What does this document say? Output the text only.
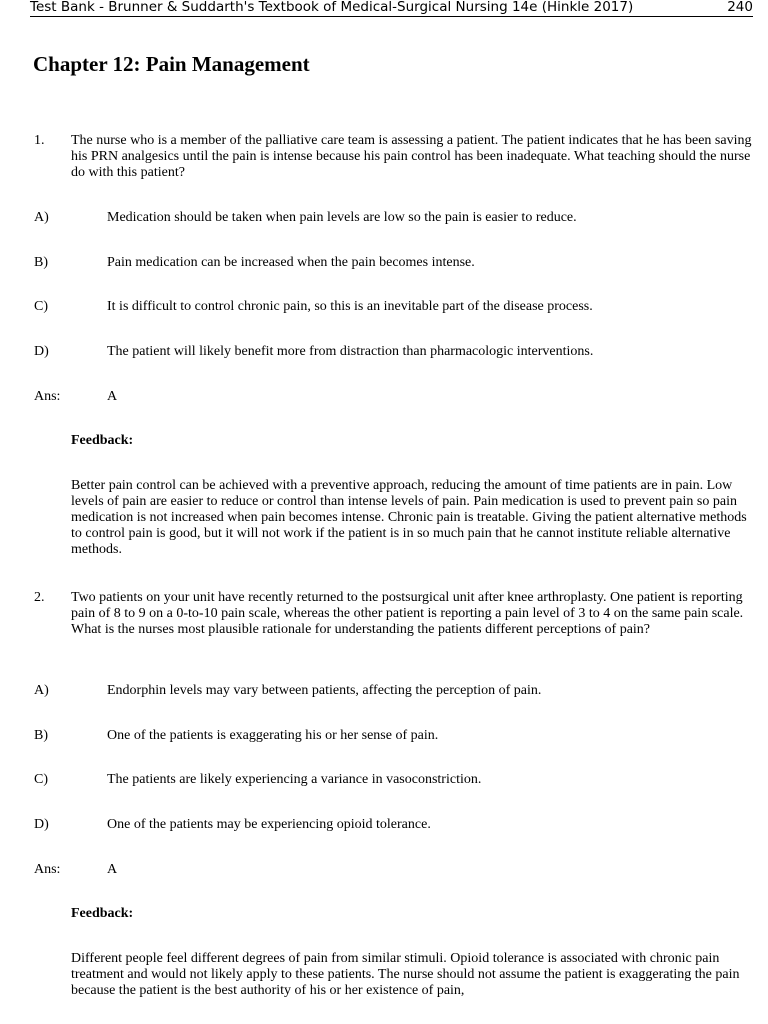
Test Bank - Brunner & Suddarth's Textbook of Medical-Surgical Nursing 14e (Hinkle 2017)	240
Chapter 12: Pain Management
1. The nurse who is a member of the palliative care team is assessing a patient. The patient indicates that he has been saving his PRN analgesics until the pain is intense because his pain control has been inadequate. What teaching should the nurse do with this patient?
A)	Medication should be taken when pain levels are low so the pain is easier to reduce.
B)	Pain medication can be increased when the pain becomes intense.
C)	It is difficult to control chronic pain, so this is an inevitable part of the disease process.
D)	The patient will likely benefit more from distraction than pharmacologic interventions.
Ans:	A
Feedback:
Better pain control can be achieved with a preventive approach, reducing the amount of time patients are in pain. Low levels of pain are easier to reduce or control than intense levels of pain. Pain medication is used to prevent pain so pain medication is not increased when pain becomes intense. Chronic pain is treatable. Giving the patient alternative methods to control pain is good, but it will not work if the patient is in so much pain that he cannot institute reliable alternative methods.
2. Two patients on your unit have recently returned to the postsurgical unit after knee arthroplasty. One patient is reporting pain of 8 to 9 on a 0-to-10 pain scale, whereas the other patient is reporting a pain level of 3 to 4 on the same pain scale. What is the nurses most plausible rationale for understanding the patients different perceptions of pain?
A)	Endorphin levels may vary between patients, affecting the perception of pain.
B)	One of the patients is exaggerating his or her sense of pain.
C)	The patients are likely experiencing a variance in vasoconstriction.
D)	One of the patients may be experiencing opioid tolerance.
Ans:	A
Feedback:
Different people feel different degrees of pain from similar stimuli. Opioid tolerance is associated with chronic pain treatment and would not likely apply to these patients. The nurse should not assume the patient is exaggerating the pain because the patient is the best authority of his or her existence of pain,
